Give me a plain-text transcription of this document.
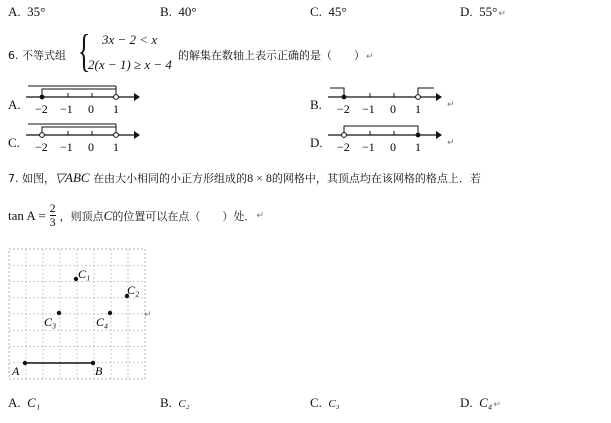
A. 35°	B. 40°	C. 45°	D. 55°↵
6. 不等式组 { 3x − 2 < x
2(x − 1) ≥ x − 4
的解集在数轴上表示正确的是（　　）↵
A.	B.
C.	D.
−2 −1 0 1	−2 −1 0 1	↵
−2 −1 0 1	−2 −1 0 1	↵
7. 如图，▽ABC 在由大小相同的小正方形组成的8 × 8的网格中，其顶点均在该网格的格点上．若
$\tan A = \frac{2}{3}$ ，则顶点 C 的位置可以在点（　　）处． ↵
A	B
C₁
C₂
C₃	C₄	↵
A. C₁	B. C₂	C. C₃	D. C₄↵
